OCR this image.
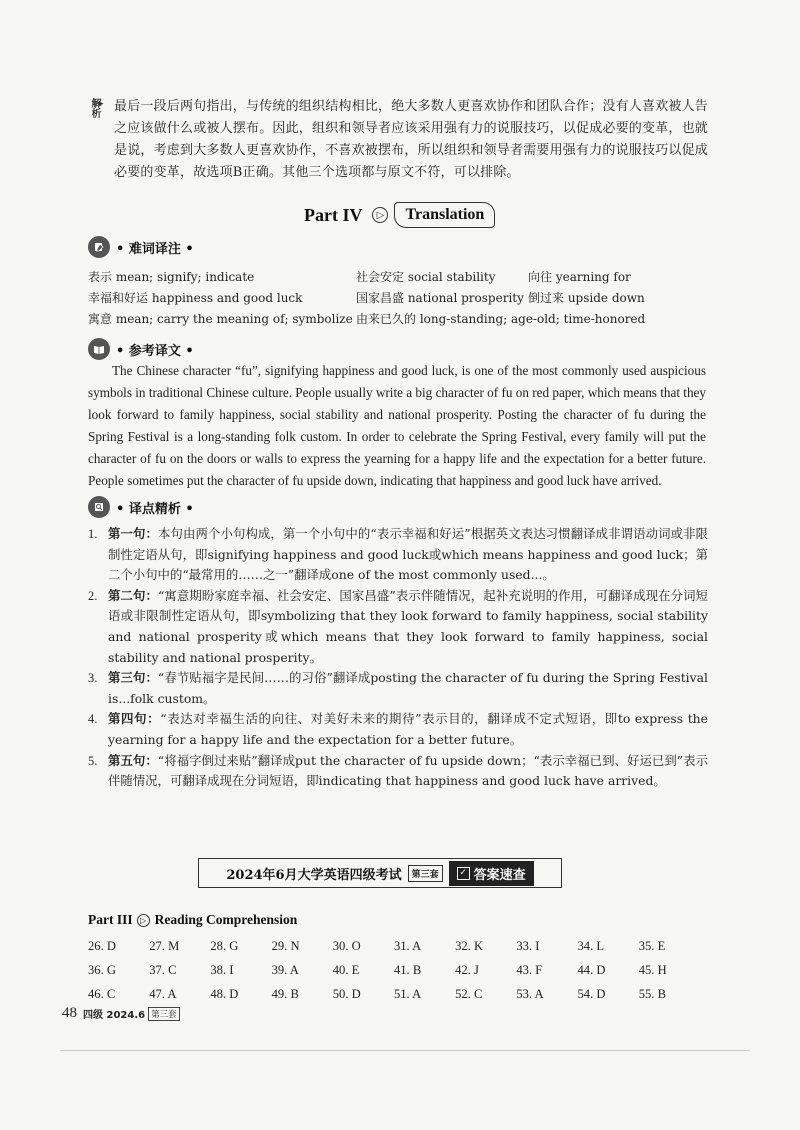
解析 ▸ 最后一段后两句指出，与传统的组织结构相比，绝大多数人更喜欢协作和团队合作；没有人喜欢被人告之应该做什么或被人摆布。因此，组织和领导者应该采用强有力的说服技巧，以促成必要的变革，也就是说，考虑到大多数人更喜欢协作，不喜欢被摆布，所以组织和领导者需要用强有力的说服技巧以促成必要的变革，故选项B正确。其他三个选项都与原文不符，可以排除。
Part IV	▷	Translation
• 难词译注 •
表示 mean; signify; indicate	社会安定 social stability	向往 yearning for
幸福和好运 happiness and good luck	国家昌盛 national prosperity 倒过来 upside down
寓意 mean; carry the meaning of; symbolize 由来已久的 long-standing; age-old; time-honored
• 参考译文 •
The Chinese character “fu”, signifying happiness and good luck, is one of the most commonly used auspicious symbols in traditional Chinese culture. People usually write a big character of fu on red paper, which means that they look forward to family happiness, social stability and national prosperity. Posting the character of fu during the Spring Festival is a long-standing folk custom. In order to celebrate the Spring Festival, every family will put the character of fu on the doors or walls to express the yearning for a happy life and the expectation for a better future. People sometimes put the character of fu upside down, indicating that happiness and good luck have arrived.
• 译点精析 •
1. 第一句：本句由两个小句构成，第一个小句中的“表示幸福和好运”根据英文表达习惯翻译成非谓语动词或非限制性定语从句，即signifying happiness and good luck或which means happiness and good luck；第二个小句中的“最常用的……之一”翻译成one of the most commonly used...。
2. 第二句：“寓意期盼家庭幸福、社会安定、国家昌盛”表示伴随情况，起补充说明的作用，可翻译成现在分词短语或非限制性定语从句，即symbolizing that they look forward to family happiness, social stability and national prosperity或which means that they look forward to family happiness, social stability and national prosperity。
3. 第三句：“春节贴福字是民间……的习俗”翻译成posting the character of fu during the Spring Festival is...folk custom。
4. 第四句：“表达对幸福生活的向往、对美好未来的期待”表示目的，翻译成不定式短语，即to express the yearning for a happy life and the expectation for a better future。
5. 第五句：“将福字倒过来贴”翻译成put the character of fu upside down；“表示幸福已到、好运已到”表示伴随情况，可翻译成现在分词短语，即indicating that happiness and good luck have arrived。
2024年6月大学英语四级考试	第三套	✓ 答案速查
Part III ▷ Reading Comprehension
26. D	27. M	28. G	29. N	30. O	31. A	32. K	33. I	34. L	35. E
36. G	37. C	38. I	39. A	40. E	41. B	42. J	43. F	44. D	45. H
46. C	47. A	48. D	49. B	50. D	51. A	52. C	53. A	54. D	55. B
48 四级 2024.6 第三套
